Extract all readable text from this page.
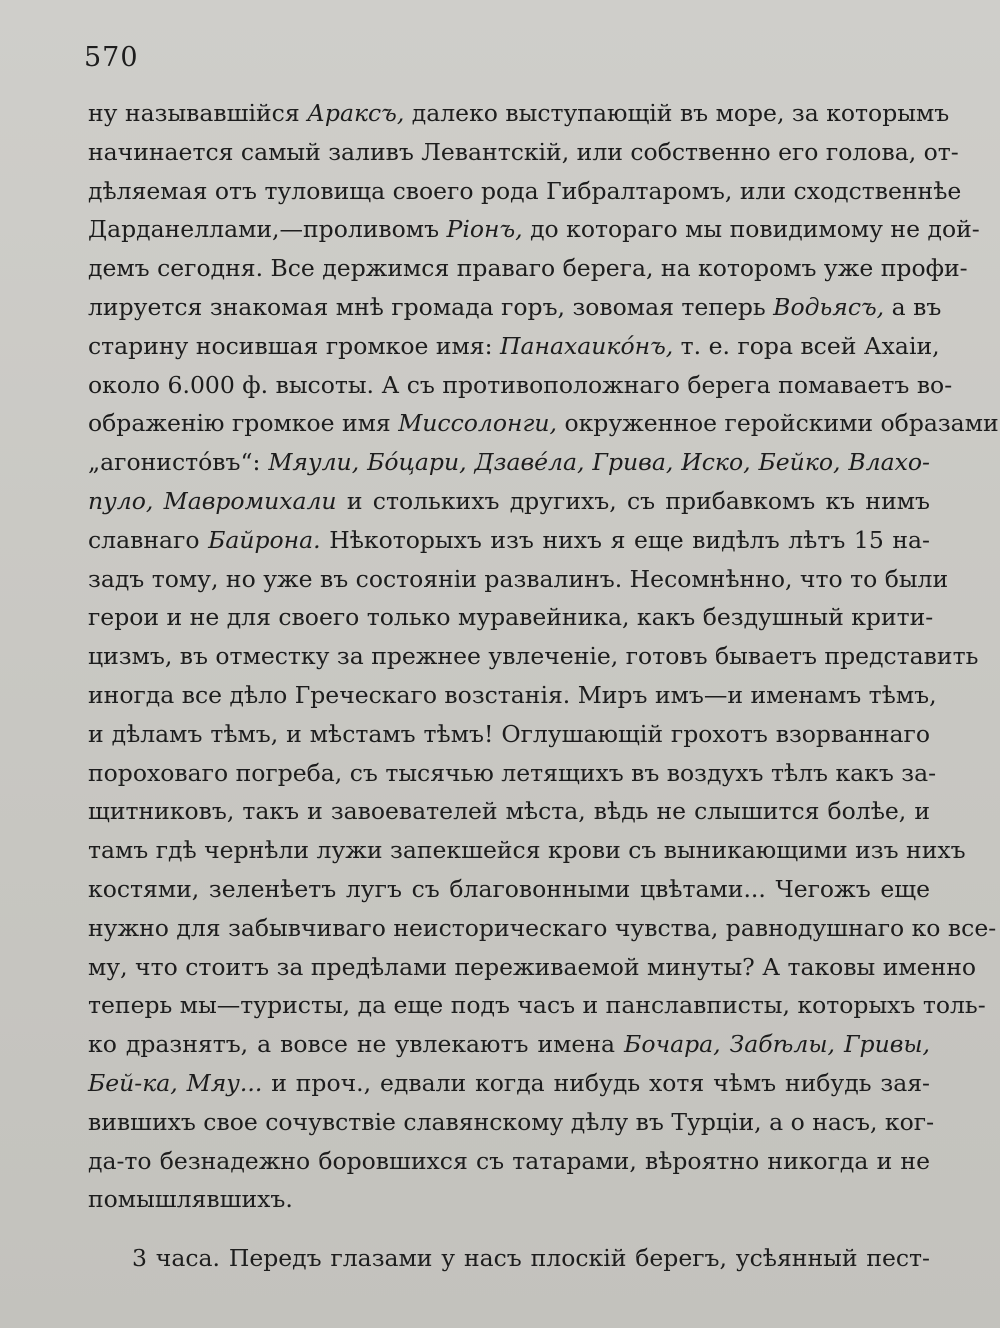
570
ну называвшійся Араксъ, далеко выступающій въ море, за которымъ
начинается самый заливъ Левантскій, или собственно его голова, от-
дѣляемая отъ туловища своего рода Гибралтаромъ, или сходственнѣе
Дарданеллами,—проливомъ Ріонъ, до котораго мы повидимому не дой-
демъ сегодня. Все держимся праваго берега, на которомъ уже профи-
лируется знакомая мнѣ громада горъ, зовомая теперь Водьясъ, а въ
старину носившая громкое имя: Панахаикóнъ, т. е. гора всей Ахаіи,
около 6.000 ф. высоты. А съ противоположнаго берега помаваетъ во-
ображенію громкое имя Миссолонги, окруженное геройскими образами
„агонистóвъ“: Мяули, Бóцари, Дзавéла, Грива, Иско, Бейко, Влахо-
пуло, Мавромихали и столькихъ другихъ, съ прибавкомъ къ нимъ
славнаго Байрона. Нѣкоторыхъ изъ нихъ я еще видѣлъ лѣтъ 15 на-
задъ тому, но уже въ состояніи развалинъ. Несомнѣнно, что то были
герои и не для своего только муравейника, какъ бездушный крити-
цизмъ, въ отместку за прежнее увлеченіе, готовъ бываетъ представить
иногда все дѣло Греческаго возстанія. Миръ имъ—и именамъ тѣмъ,
и дѣламъ тѣмъ, и мѣстамъ тѣмъ! Оглушающій грохотъ взорваннаго
пороховаго погреба, съ тысячью летящихъ въ воздухъ тѣлъ какъ за-
щитниковъ, такъ и завоевателей мѣста, вѣдь не слышится болѣе, и
тамъ гдѣ чернѣли лужи запекшейся крови съ выникающими изъ нихъ
костями, зеленѣетъ лугъ съ благовонными цвѣтами... Чегожъ еще
нужно для забывчиваго неисторическаго чувства, равнодушнаго ко все-
му, что стоитъ за предѣлами переживаемой минуты? А таковы именно
теперь мы—туристы, да еще подъ часъ и панславписты, которыхъ толь-
ко дразнятъ, а вовсе не увлекаютъ имена Бочара, Забѣлы, Гривы,
Бей-ка, Мяу... и проч., едвали когда нибудь хотя чѣмъ нибудь зая-
вившихъ свое сочувствіе славянскому дѣлу въ Турціи, а о насъ, ког-
да-то безнадежно боровшихся съ татарами, вѣроятно никогда и не
помышлявшихъ.
3 часа. Передъ глазами у насъ плоскій берегъ, усѣянный пест-
